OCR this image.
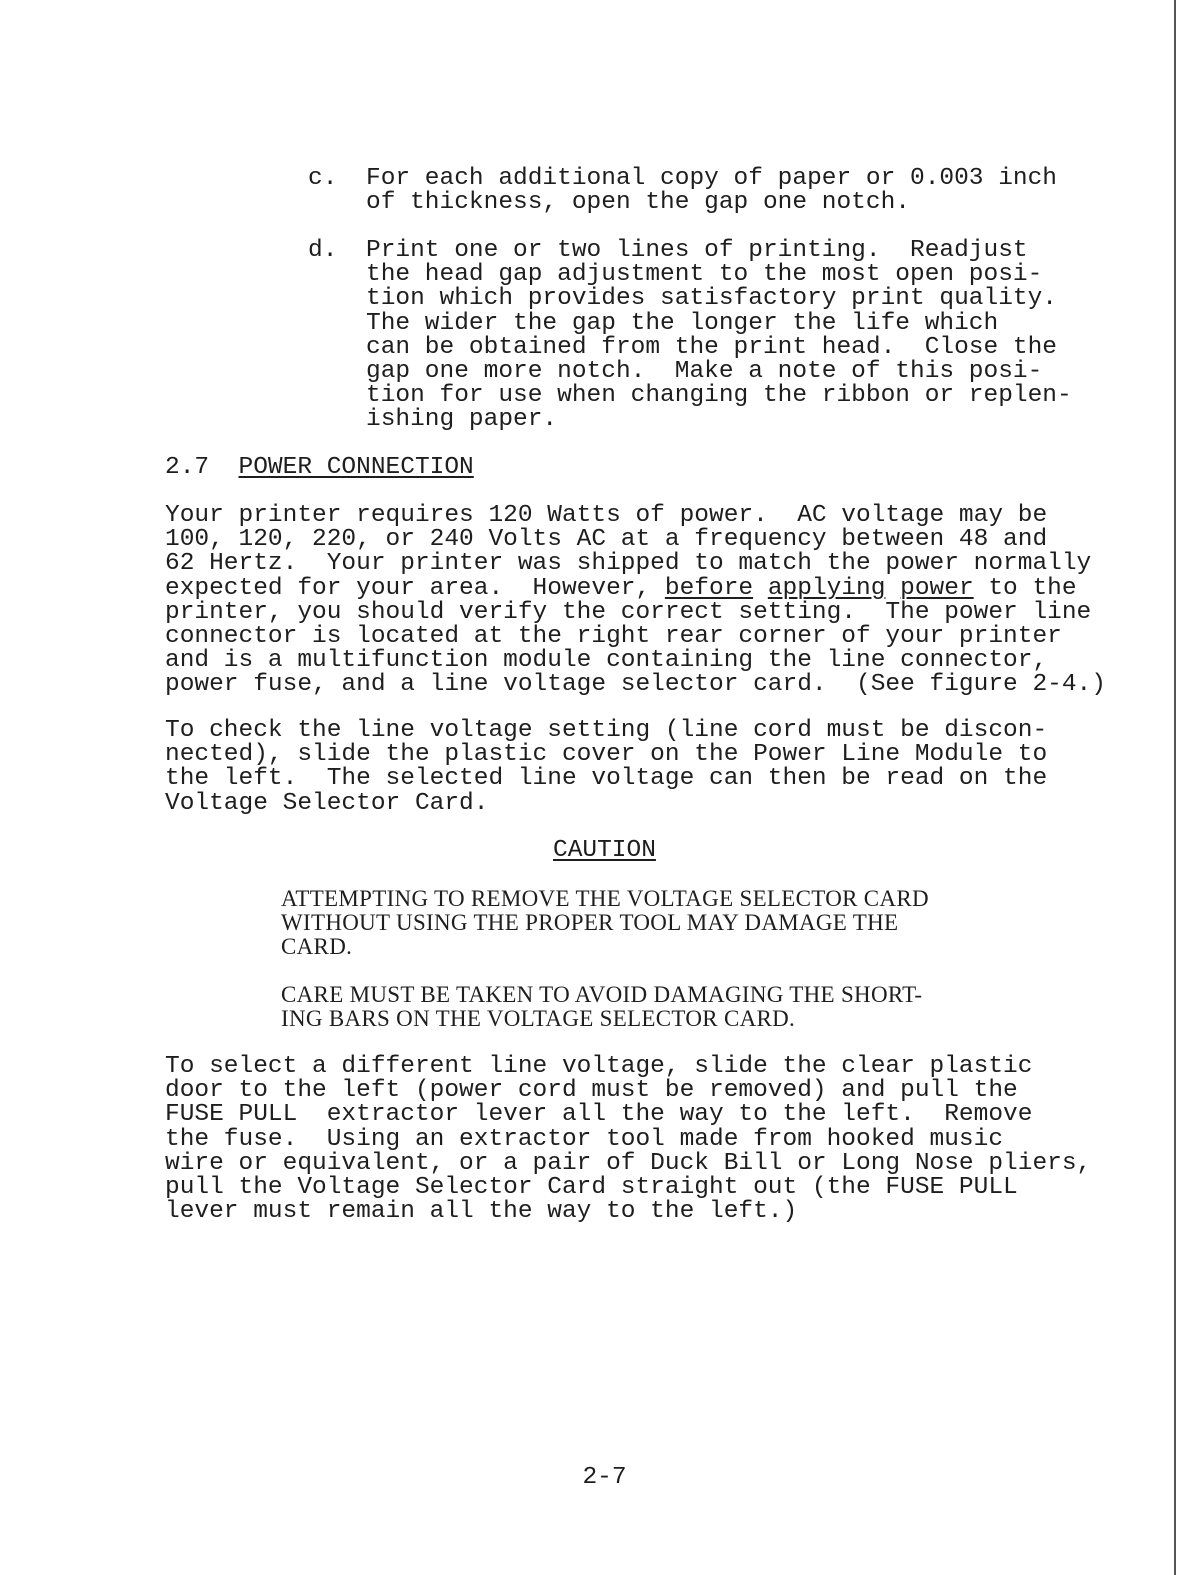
c. For each additional copy of paper or 0.003 inch
of thickness, open the gap one notch.
d. Print one or two lines of printing.  Readjust
the head gap adjustment to the most open posi-
tion which provides satisfactory print quality.
The wider the gap the longer the life which
can be obtained from the print head.  Close the
gap one more notch.  Make a note of this posi-
tion for use when changing the ribbon or replen-
ishing paper.
2.7 POWER CONNECTION
Your printer requires 120 Watts of power.  AC voltage may be
100, 120, 220, or 240 Volts AC at a frequency between 48 and
62 Hertz.  Your printer was shipped to match the power normally
expected for your area.  However, before applying power to the
printer, you should verify the correct setting.  The power line
connector is located at the right rear corner of your printer
and is a multifunction module containing the line connector,
power fuse, and a line voltage selector card.  (See figure 2-4.)
To check the line voltage setting (line cord must be discon-
nected), slide the plastic cover on the Power Line Module to
the left.  The selected line voltage can then be read on the
Voltage Selector Card.
CAUTION
ATTEMPTING TO REMOVE THE VOLTAGE SELECTOR CARD
WITHOUT USING THE PROPER TOOL MAY DAMAGE THE
CARD.
CARE MUST BE TAKEN TO AVOID DAMAGING THE SHORT-
ING BARS ON THE VOLTAGE SELECTOR CARD.
To select a different line voltage, slide the clear plastic
door to the left (power cord must be removed) and pull the
FUSE PULL  extractor lever all the way to the left.  Remove
the fuse.  Using an extractor tool made from hooked music
wire or equivalent, or a pair of Duck Bill or Long Nose pliers,
pull the Voltage Selector Card straight out (the FUSE PULL
lever must remain all the way to the left.)
2-7
